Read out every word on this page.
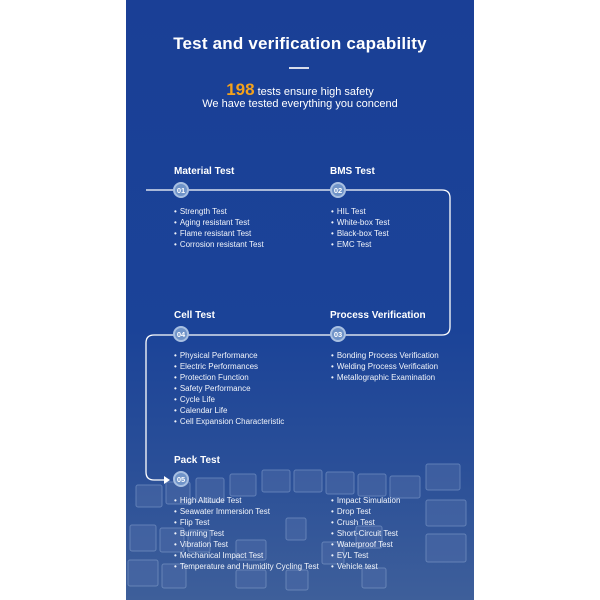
Test and verification capability
198 tests ensure high safety
We have tested everything you concend
Material Test
01
• Strength Test
• Aging resistant Test
• Flame resistant Test
• Corrosion resistant Test
BMS Test
02
• HIL Test
• White-box Test
• Black-box Test
• EMC Test
Cell Test
04
• Physical Performance
• Electric Performances
• Protection Function
• Safety Performance
• Cycle Life
• Calendar Life
• Cell Expansion Characteristic
Process Verification
03
• Bonding Process Verification
• Welding Process Verification
• Metallographic Examination
Pack Test
05
• High Altitude Test
• Seawater Immersion Test
• Flip Test
• Burning Test
• Vibration Test
• Mechanical Impact Test
• Temperature and Humidity Cycling Test
• Impact Simulation
• Drop Test
• Crush Test
• Short-Circuit Test
• Waterproof Test
• EVL Test
• Vehicle test
